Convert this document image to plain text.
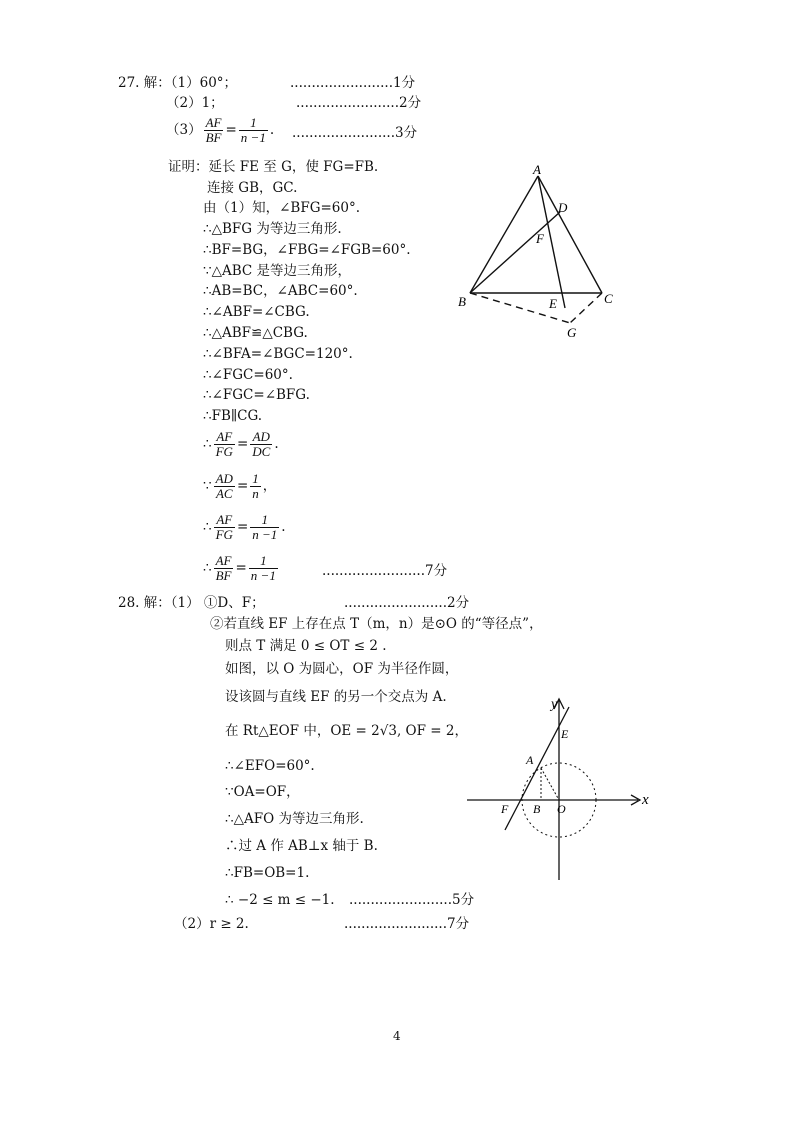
27. 解：（1）60°；	........................1分
（2）1；	........................2分
$(3) \frac{AF}{BF} = \frac{1}{n -1}$ . ........................3分
证明：延长 FE 至 G，使 FG=FB.
连接 GB，GC.
由（1）知，∠BFG=60°.
∴△BFG 为等边三角形.
∴BF=BG，∠FBG=∠FGB=60°.
∵△ABC 是等边三角形，
∴AB=BC，∠ABC=60°.
∴∠ABF=∠CBG.
∴△ABF≌△CBG.
∴∠BFA=∠BGC=120°.
∴∠FGC=60°.
∴∠FGC=∠BFG.
∴FB∥CG.
∴ $\frac{AF}{FG} = \frac{AD}{DC}$ .
∵ $\frac{AD}{AC} = \frac{1}{n}$ ，
∴ $\frac{AF}{FG} = \frac{1}{n -1}$ .
∴ $\frac{AF}{BF} = \frac{1}{n -1}$	........................7分
A
D
F
B	E	C
G
28. 解：（1） ①D、F；	........................2分
②若直线 EF 上存在点 T（m，n）是⊙O 的“等径点”，
则点 T 满足 0 ≤ OT ≤ 2 .
如图，以 O 为圆心，OF 为半径作圆，
设该圆与直线 EF 的另一个交点为 A.
在 Rt△EOF 中，OE = 2√3, OF = 2，
∴∠EFO=60°.
∵OA=OF，
∴△AFO 为等边三角形.
∴过 A 作 AB⊥x 轴于 B.
∴FB=OB=1.
∴ −2 ≤ m ≤ −1. ........................5分
（2）r ≥ 2.	........................7分
y
x
E
A
F B O
4
